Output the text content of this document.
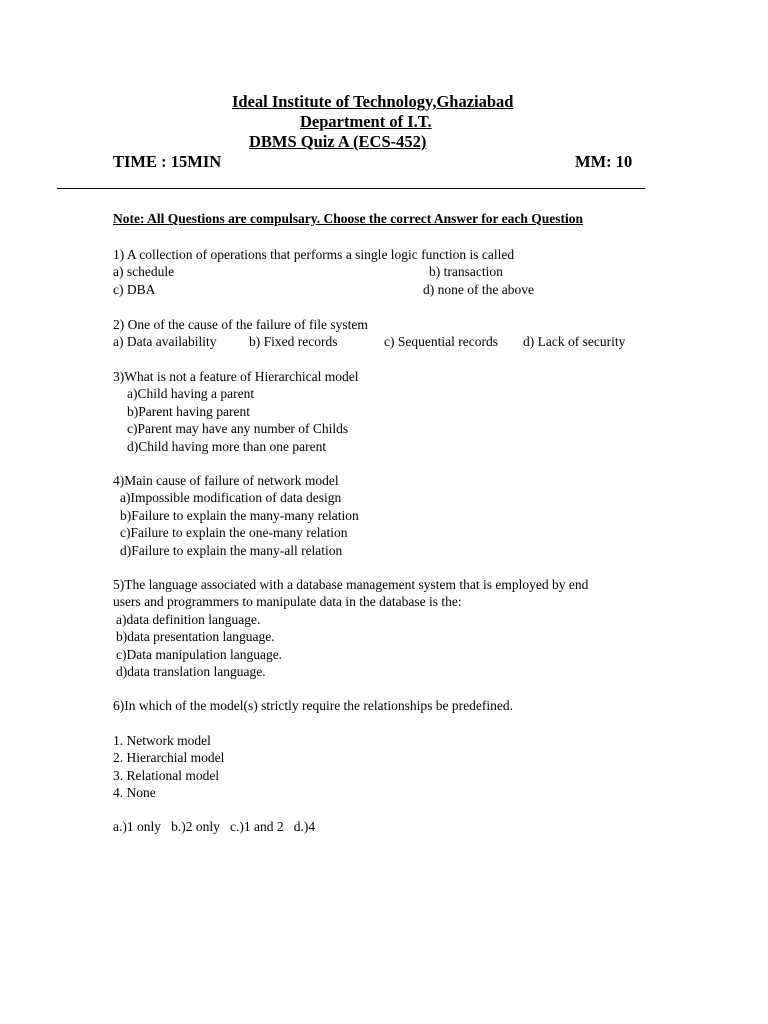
Ideal Institute of Technology,Ghaziabad
Department of I.T.
DBMS Quiz A (ECS-452)
TIME : 15MIN	MM: 10
Note: All Questions are compulsary. Choose the correct Answer for each Question
1) A collection of operations that performs a single logic function is called
a) schedule	b) transaction
c) DBA	d) none of the above
2) One of the cause of the failure of file system
a) Data availability b) Fixed records	c) Sequential records d) Lack of security
3)What is not a feature of Hierarchical model
a)Child having a parent
b)Parent having parent
c)Parent may have any number of Childs
d)Child having more than one parent
4)Main cause of failure of network model
a)Impossible modification of data design
b)Failure to explain the many-many relation
c)Failure to explain the one-many relation
d)Failure to explain the many-all relation
5)The language associated with a database management system that is employed by end
users and programmers to manipulate data in the database is the:
a)data definition language.
b)data presentation language.
c)Data manipulation language.
d)data translation language.
6)In which of the model(s) strictly require the relationships be predefined.
1. Network model
2. Hierarchial model
3. Relational model
4. None
a.)1 only   b.)2 only   c.)1 and 2   d.)4
